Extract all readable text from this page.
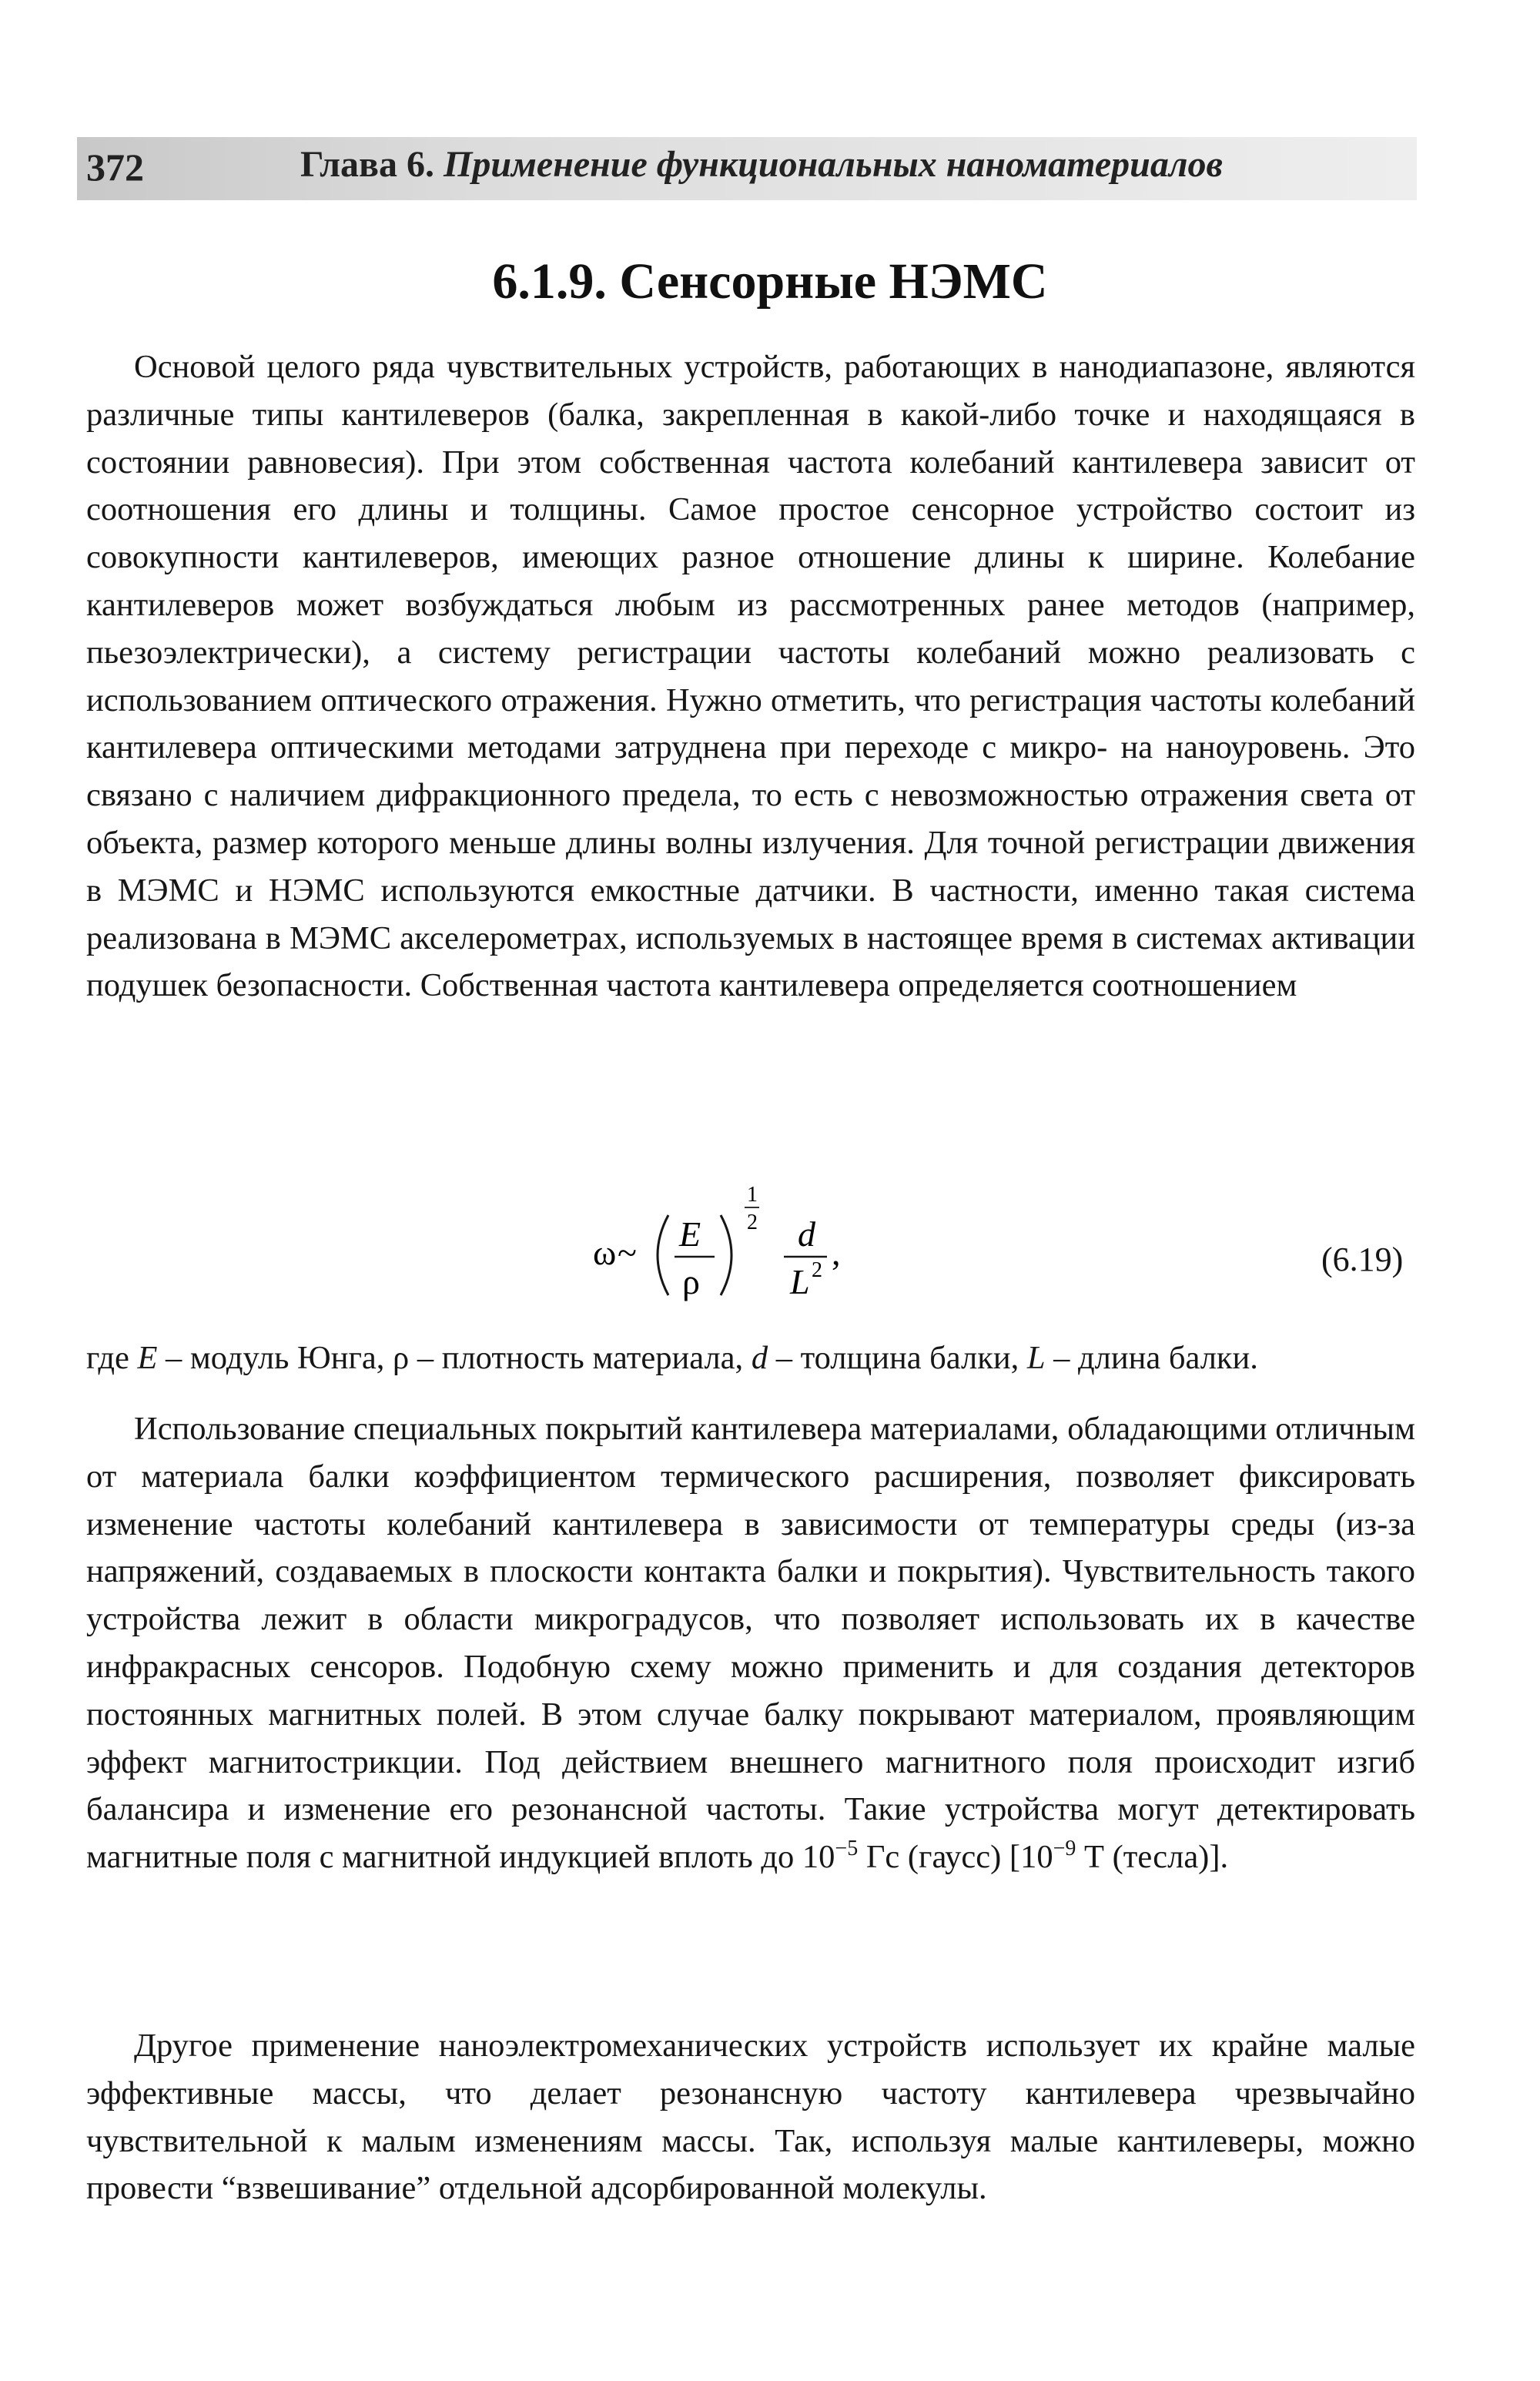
372	Глава 6. Применение функциональных наноматериалов
6.1.9. Сенсорные НЭМС

Основой целого ряда чувствительных устройств, работающих в нанодиапазоне, являются различные типы кантилеверов (балка, закрепленная в какой-либо точке и находящаяся в состоянии равновесия). При этом собственная частота колебаний кантилевера зависит от соотношения его длины и толщины. Самое простое сенсорное устройство состоит из совокупности кантилеверов, имеющих разное отношение длины к ширине. Колебание кантилеверов может возбуждаться любым из рассмотренных ранее методов (например, пьезоэлектрически), а систему регистрации частоты колебаний можно реализовать с использованием оптического отражения. Нужно отметить, что регистрация частоты колебаний кантилевера оптическими методами затруднена при переходе с микро- на наноуровень. Это связано с наличием дифракционного предела, то есть с невозможностью отражения света от объекта, размер которого меньше длины волны излучения. Для точной регистрации движения в МЭМС и НЭМС используются емкостные датчики. В частности, именно такая система реализована в МЭМС акселерометрах, используемых в настоящее время в системах активации подушек безопасности. Собственная частота кантилевера определяется соотношением

ω ~ E
ρ
1
2 d
L 2 ,	(6.19)
где E – модуль Юнга, ρ – плотность материала, d – толщина балки, L – длина балки.

Использование специальных покрытий кантилевера материалами, обладающими отличным от материала балки коэффициентом термического расширения, позволяет фиксировать изменение частоты колебаний кантилевера в зависимости от температуры среды (из-за напряжений, создаваемых в плоскости контакта балки и покрытия). Чувствительность такого устройства лежит в области микроградусов, что позволяет использовать их в качестве инфракрасных сенсоров. Подобную схему можно применить и для создания детекторов постоянных магнитных полей. В этом случае балку покрывают материалом, проявляющим эффект магнитострикции. Под действием внешнего магнитного поля происходит изгиб балансира и изменение его резонансной частоты. Такие устройства могут детектировать магнитные поля с магнитной индукцией вплоть до $10^{-5}$ Гс (гаусс) [$10^{-9}$ Т (тесла)].

Другое применение наноэлектромеханических устройств использует их крайне малые эффективные массы, что делает резонансную частоту кантилевера чрезвычайно чувствительной к малым изменениям массы. Так, используя малые кантилеверы, можно провести “взвешивание” отдельной адсорбированной молекулы.
